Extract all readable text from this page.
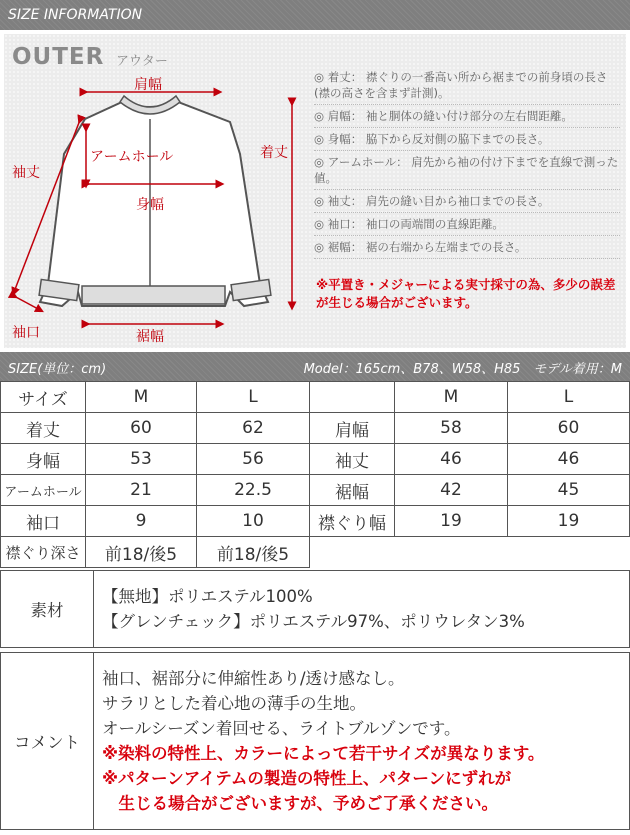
SIZE INFORMATION
OUTER アウター
肩幅
アームホール	着丈
袖丈
身幅
袖口	裾幅
◎ 着丈： 襟ぐりの一番高い所から裾までの前身頃の長さ(襟の高さを含まず計測)。
◎ 肩幅： 袖と胴体の縫い付け部分の左右間距離。
◎ 身幅： 脇下から反対側の脇下までの長さ。
◎ アームホール： 肩先から袖の付け下までを直線で測った値。
◎ 袖丈： 肩先の縫い目から袖口までの長さ。
◎ 袖口： 袖口の両端間の直線距離。
◎ 裾幅： 裾の右端から左端までの長さ。
※平置き・メジャーによる実寸採寸の為、多少の誤差が生じる場合がございます。
SIZE(単位：cm)	Model：165cm、B78、W58、H85　モデル着用：M
サイズ	M	L		M	L
着丈	60	62	肩幅	58	60
身幅	53	56	袖丈	46	46
アームホール	21	22.5	裾幅	42	45
袖口	9	10	襟ぐり幅	19	19
襟ぐり深さ	前18/後5	前18/後5			
素材	
【無地】ポリエステル100%
【グレンチェック】ポリエステル97%、ポリウレタン3%
コメント	
袖口、裾部分に伸縮性あり/透け感なし。
サラリとした着心地の薄手の生地。
オールシーズン着回せる、ライトブルゾンです。
※染料の特性上、カラーによって若干サイズが異なります。
※パターンアイテムの製造の特性上、パターンにずれが
　生じる場合がございますが、予めご了承ください。
